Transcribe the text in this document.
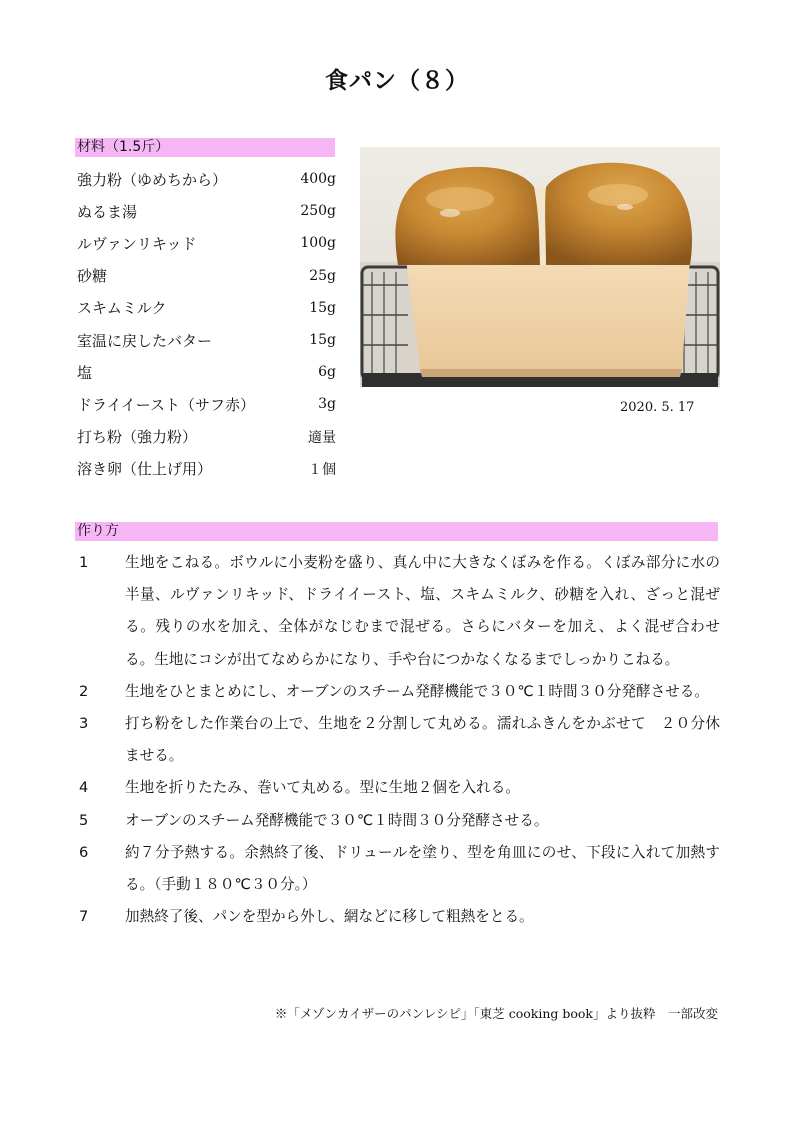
食パン（８）
材料（1.5斤）
強力粉（ゆめちから）	400g
ぬるま湯	250g
ルヴァンリキッド	100g
砂糖	25g
スキムミルク	15g
室温に戻したバター	15g
塩	6g
ドライイースト（サフ赤）	3g
打ち粉（強力粉）	適量
溶き卵（仕上げ用）	１個
2020. 5. 17
作り方
1	生地をこねる。ボウルに小麦粉を盛り、真ん中に大きなくぼみを作る。くぼみ部分に水の半量、ルヴァンリキッド、ドライイースト、塩、スキムミルク、砂糖を入れ、ざっと混ぜる。残りの水を加え、全体がなじむまで混ぜる。さらにバターを加え、よく混ぜ合わせる。生地にコシが出てなめらかになり、手や台につかなくなるまでしっかりこねる。
2	生地をひとまとめにし、オーブンのスチーム発酵機能で３０℃１時間３０分発酵させる。
3	打ち粉をした作業台の上で、生地を２分割して丸める。濡れふきんをかぶせて　２０分休ませる。
4	生地を折りたたみ、巻いて丸める。型に生地２個を入れる。
5	オーブンのスチーム発酵機能で３０℃１時間３０分発酵させる。
6	約７分予熱する。余熱終了後、ドリュールを塗り、型を角皿にのせ、下段に入れて加熱する。（手動１８０℃３０分。）
7	加熱終了後、パンを型から外し、網などに移して粗熱をとる。
※「メゾンカイザーのパンレシピ」「東芝 cooking book」より抜粋　一部改変
